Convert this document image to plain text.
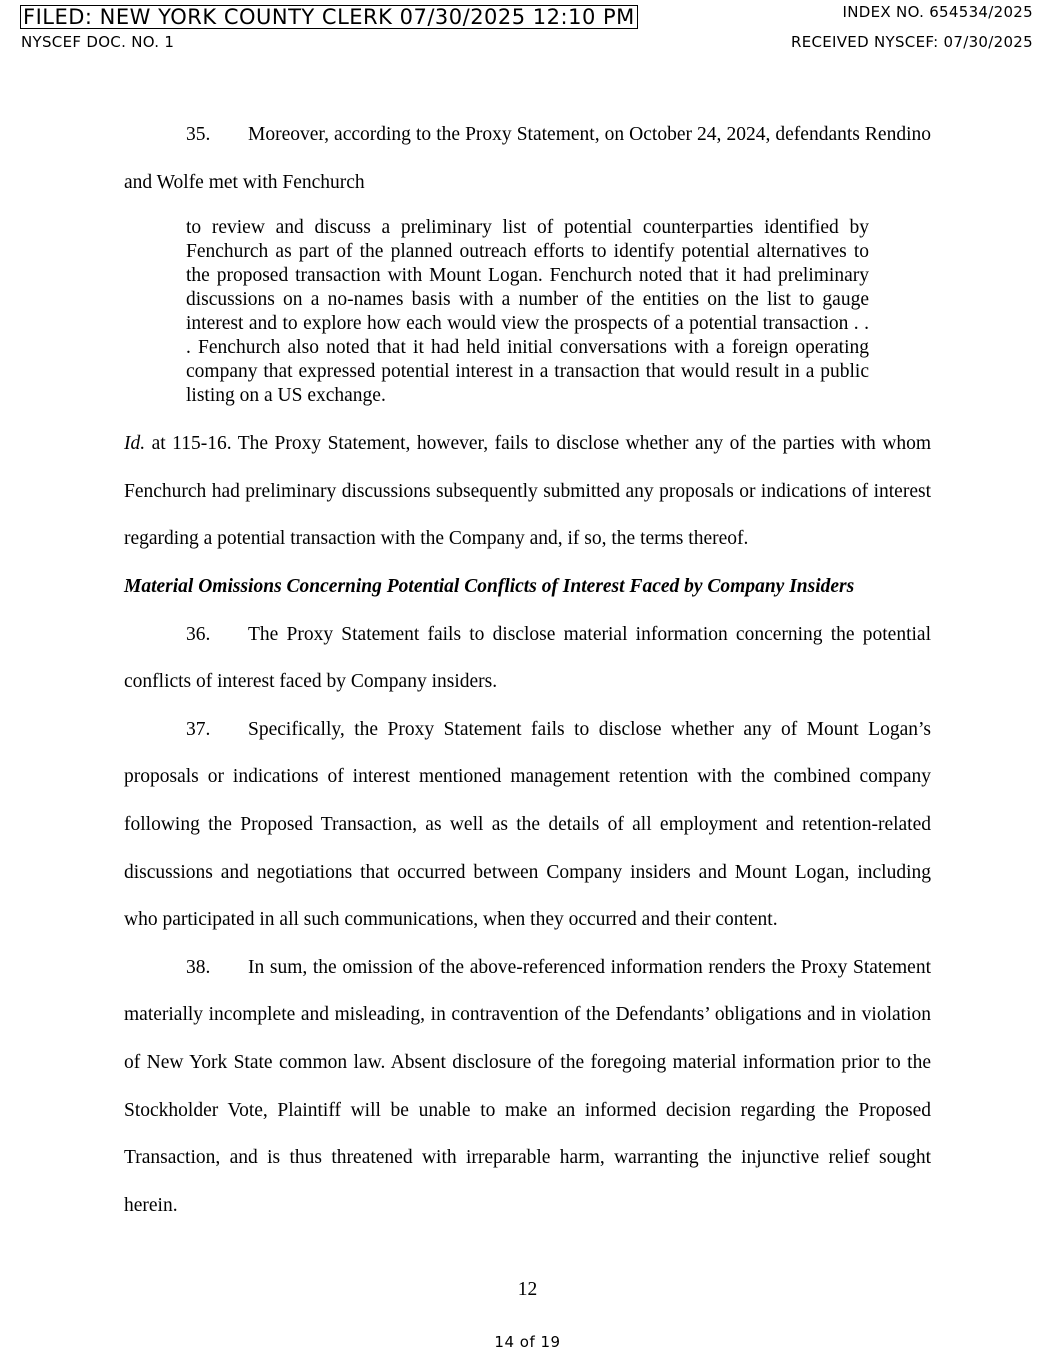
FILED: NEW YORK COUNTY CLERK 07/30/2025 12:10 PM	INDEX NO. 654534/2025
NYSCEF DOC. NO. 1	RECEIVED NYSCEF: 07/30/2025

35. Moreover, according to the Proxy Statement, on October 24, 2024, defendants Rendino and Wolfe met with Fenchurch

to review and discuss a preliminary list of potential counterparties identified by Fenchurch as part of the planned outreach efforts to identify potential alternatives to the proposed transaction with Mount Logan. Fenchurch noted that it had preliminary discussions on a no-names basis with a number of the entities on the list to gauge interest and to explore how each would view the prospects of a potential transaction . . . Fenchurch also noted that it had held initial conversations with a foreign operating company that expressed potential interest in a transaction that would result in a public listing on a US exchange.

Id. at 115-16. The Proxy Statement, however, fails to disclose whether any of the parties with whom Fenchurch had preliminary discussions subsequently submitted any proposals or indications of interest regarding a potential transaction with the Company and, if so, the terms thereof.

Material Omissions Concerning Potential Conflicts of Interest Faced by Company Insiders

36. The Proxy Statement fails to disclose material information concerning the potential conflicts of interest faced by Company insiders.

37. Specifically, the Proxy Statement fails to disclose whether any of Mount Logan’s proposals or indications of interest mentioned management retention with the combined company following the Proposed Transaction, as well as the details of all employment and retention-related discussions and negotiations that occurred between Company insiders and Mount Logan, including who participated in all such communications, when they occurred and their content.

38. In sum, the omission of the above-referenced information renders the Proxy Statement materially incomplete and misleading, in contravention of the Defendants’ obligations and in violation of New York State common law. Absent disclosure of the foregoing material information prior to the Stockholder Vote, Plaintiff will be unable to make an informed decision regarding the Proposed Transaction, and is thus threatened with irreparable harm, warranting the injunctive relief sought herein.

12
14 of 19
